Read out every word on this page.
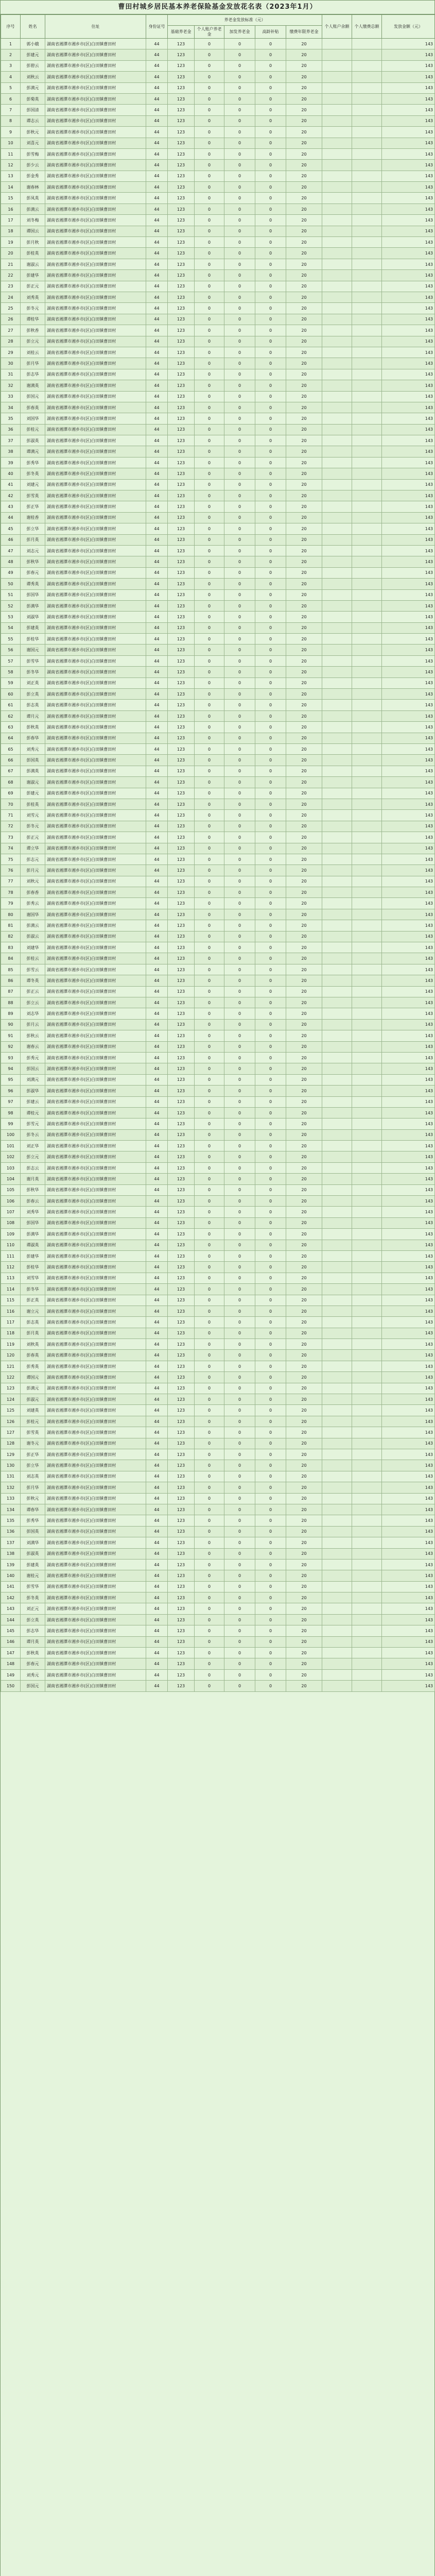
曹田村城乡居民基本养老保险基金发放花名表（2023年1月）
序号	姓名	住址	身份证号	养老金发放标准（元）					个人账户余额	个人缴费总额	发放金额（元）
				基础养老金	个人账户养老金	加发养老金	高龄补贴	缴费年限养老金			
1	郭小娥	湖南省湘潭市湘乡市(区)白田镇曹田村	44	123	0	0	0	20			143
2	彭建元	湖南省湘潭市湘乡市(区)白田镇曹田村	44	123	0	0	0	20			143
3	彭碧云	湖南省湘潭市湘乡市(区)白田镇曹田村	44	123	0	0	0	20			143
4	刘秋云	湖南省湘潭市湘乡市(区)白田镇曹田村	44	123	0	0	0	20			143
5	彭满元	湖南省湘潭市湘乡市(区)白田镇曹田村	44	123	0	0	0	20			143
6	彭菊英	湖南省湘潭市湘乡市(区)白田镇曹田村	44	123	0	0	0	20			143
7	彭国清	湖南省湘潭市湘乡市(区)白田镇曹田村	44	123	0	0	0	20			143
8	谭志云	湖南省湘潭市湘乡市(区)白田镇曹田村	44	123	0	0	0	20			143
9	彭秋元	湖南省湘潭市湘乡市(区)白田镇曹田村	44	123	0	0	0	20			143
10	刘喜元	湖南省湘潭市湘乡市(区)白田镇曹田村	44	123	0	0	0	20			143
11	彭雪梅	湖南省湘潭市湘乡市(区)白田镇曹田村	44	123	0	0	0	20			143
12	彭少云	湖南省湘潭市湘乡市(区)白田镇曹田村	44	123	0	0	0	20			143
13	彭金秀	湖南省湘潭市湘乡市(区)白田镇曹田村	44	123	0	0	0	20			143
14	谢春林	湖南省湘潭市湘乡市(区)白田镇曹田村	44	123	0	0	0	20			143
15	彭凤英	湖南省湘潭市湘乡市(区)白田镇曹田村	44	123	0	0	0	20			143
16	彭满云	湖南省湘潭市湘乡市(区)白田镇曹田村	44	123	0	0	0	20			143
17	刘冬梅	湖南省湘潭市湘乡市(区)白田镇曹田村	44	123	0	0	0	20			143
18	谭国云	湖南省湘潭市湘乡市(区)白田镇曹田村	44	123	0	0	0	20			143
19	彭月秋	湖南省湘潭市湘乡市(区)白田镇曹田村	44	123	0	0	0	20			143
20	彭桂英	湖南省湘潭市湘乡市(区)白田镇曹田村	44	123	0	0	0	20			143
21	谢淑云	湖南省湘潭市湘乡市(区)白田镇曹田村	44	123	0	0	0	20			143
22	彭建华	湖南省湘潭市湘乡市(区)白田镇曹田村	44	123	0	0	0	20			143
23	彭正元	湖南省湘潭市湘乡市(区)白田镇曹田村	44	123	0	0	0	20			143
24	刘秀英	湖南省湘潭市湘乡市(区)白田镇曹田村	44	123	0	0	0	20			143
25	彭冬元	湖南省湘潭市湘乡市(区)白田镇曹田村	44	123	0	0	0	20			143
26	谭桂华	湖南省湘潭市湘乡市(区)白田镇曹田村	44	123	0	0	0	20			143
27	彭秋香	湖南省湘潭市湘乡市(区)白田镇曹田村	44	123	0	0	0	20			143
28	彭立元	湖南省湘潭市湘乡市(区)白田镇曹田村	44	123	0	0	0	20			143
29	刘桂云	湖南省湘潭市湘乡市(区)白田镇曹田村	44	123	0	0	0	20			143
30	彭月华	湖南省湘潭市湘乡市(区)白田镇曹田村	44	123	0	0	0	20			143
31	彭志华	湖南省湘潭市湘乡市(区)白田镇曹田村	44	123	0	0	0	20			143
32	谢满英	湖南省湘潭市湘乡市(区)白田镇曹田村	44	123	0	0	0	20			143
33	彭国元	湖南省湘潭市湘乡市(区)白田镇曹田村	44	123	0	0	0	20			143
34	彭春英	湖南省湘潭市湘乡市(区)白田镇曹田村	44	123	0	0	0	20			143
35	刘国华	湖南省湘潭市湘乡市(区)白田镇曹田村	44	123	0	0	0	20			143
36	彭桂元	湖南省湘潭市湘乡市(区)白田镇曹田村	44	123	0	0	0	20			143
37	彭淑英	湖南省湘潭市湘乡市(区)白田镇曹田村	44	123	0	0	0	20			143
38	谭满元	湖南省湘潭市湘乡市(区)白田镇曹田村	44	123	0	0	0	20			143
39	彭秀华	湖南省湘潭市湘乡市(区)白田镇曹田村	44	123	0	0	0	20			143
40	彭冬英	湖南省湘潭市湘乡市(区)白田镇曹田村	44	123	0	0	0	20			143
41	刘建元	湖南省湘潭市湘乡市(区)白田镇曹田村	44	123	0	0	0	20			143
42	彭雪英	湖南省湘潭市湘乡市(区)白田镇曹田村	44	123	0	0	0	20			143
43	彭正华	湖南省湘潭市湘乡市(区)白田镇曹田村	44	123	0	0	0	20			143
44	谢桂香	湖南省湘潭市湘乡市(区)白田镇曹田村	44	123	0	0	0	20			143
45	彭立华	湖南省湘潭市湘乡市(区)白田镇曹田村	44	123	0	0	0	20			143
46	彭月英	湖南省湘潭市湘乡市(区)白田镇曹田村	44	123	0	0	0	20			143
47	刘志元	湖南省湘潭市湘乡市(区)白田镇曹田村	44	123	0	0	0	20			143
48	彭秋华	湖南省湘潭市湘乡市(区)白田镇曹田村	44	123	0	0	0	20			143
49	彭春元	湖南省湘潭市湘乡市(区)白田镇曹田村	44	123	0	0	0	20			143
50	谭秀英	湖南省湘潭市湘乡市(区)白田镇曹田村	44	123	0	0	0	20			143
51	彭国华	湖南省湘潭市湘乡市(区)白田镇曹田村	44	123	0	0	0	20			143
52	彭满华	湖南省湘潭市湘乡市(区)白田镇曹田村	44	123	0	0	0	20			143
53	刘淑华	湖南省湘潭市湘乡市(区)白田镇曹田村	44	123	0	0	0	20			143
54	彭建英	湖南省湘潭市湘乡市(区)白田镇曹田村	44	123	0	0	0	20			143
55	彭桂华	湖南省湘潭市湘乡市(区)白田镇曹田村	44	123	0	0	0	20			143
56	谢国元	湖南省湘潭市湘乡市(区)白田镇曹田村	44	123	0	0	0	20			143
57	彭雪华	湖南省湘潭市湘乡市(区)白田镇曹田村	44	123	0	0	0	20			143
58	彭冬华	湖南省湘潭市湘乡市(区)白田镇曹田村	44	123	0	0	0	20			143
59	刘正英	湖南省湘潭市湘乡市(区)白田镇曹田村	44	123	0	0	0	20			143
60	彭立英	湖南省湘潭市湘乡市(区)白田镇曹田村	44	123	0	0	0	20			143
61	彭志英	湖南省湘潭市湘乡市(区)白田镇曹田村	44	123	0	0	0	20			143
62	谭月元	湖南省湘潭市湘乡市(区)白田镇曹田村	44	123	0	0	0	20			143
63	彭秋英	湖南省湘潭市湘乡市(区)白田镇曹田村	44	123	0	0	0	20			143
64	彭春华	湖南省湘潭市湘乡市(区)白田镇曹田村	44	123	0	0	0	20			143
65	刘秀元	湖南省湘潭市湘乡市(区)白田镇曹田村	44	123	0	0	0	20			143
66	彭国英	湖南省湘潭市湘乡市(区)白田镇曹田村	44	123	0	0	0	20			143
67	彭满英	湖南省湘潭市湘乡市(区)白田镇曹田村	44	123	0	0	0	20			143
68	谢淑元	湖南省湘潭市湘乡市(区)白田镇曹田村	44	123	0	0	0	20			143
69	彭建元	湖南省湘潭市湘乡市(区)白田镇曹田村	44	123	0	0	0	20			143
70	彭桂英	湖南省湘潭市湘乡市(区)白田镇曹田村	44	123	0	0	0	20			143
71	刘雪元	湖南省湘潭市湘乡市(区)白田镇曹田村	44	123	0	0	0	20			143
72	彭冬元	湖南省湘潭市湘乡市(区)白田镇曹田村	44	123	0	0	0	20			143
73	彭正元	湖南省湘潭市湘乡市(区)白田镇曹田村	44	123	0	0	0	20			143
74	谭立华	湖南省湘潭市湘乡市(区)白田镇曹田村	44	123	0	0	0	20			143
75	彭志元	湖南省湘潭市湘乡市(区)白田镇曹田村	44	123	0	0	0	20			143
76	彭月元	湖南省湘潭市湘乡市(区)白田镇曹田村	44	123	0	0	0	20			143
77	刘秋元	湖南省湘潭市湘乡市(区)白田镇曹田村	44	123	0	0	0	20			143
78	彭春香	湖南省湘潭市湘乡市(区)白田镇曹田村	44	123	0	0	0	20			143
79	彭秀云	湖南省湘潭市湘乡市(区)白田镇曹田村	44	123	0	0	0	20			143
80	谢国华	湖南省湘潭市湘乡市(区)白田镇曹田村	44	123	0	0	0	20			143
81	彭满云	湖南省湘潭市湘乡市(区)白田镇曹田村	44	123	0	0	0	20			143
82	彭淑云	湖南省湘潭市湘乡市(区)白田镇曹田村	44	123	0	0	0	20			143
83	刘建华	湖南省湘潭市湘乡市(区)白田镇曹田村	44	123	0	0	0	20			143
84	彭桂云	湖南省湘潭市湘乡市(区)白田镇曹田村	44	123	0	0	0	20			143
85	彭雪云	湖南省湘潭市湘乡市(区)白田镇曹田村	44	123	0	0	0	20			143
86	谭冬英	湖南省湘潭市湘乡市(区)白田镇曹田村	44	123	0	0	0	20			143
87	彭正云	湖南省湘潭市湘乡市(区)白田镇曹田村	44	123	0	0	0	20			143
88	彭立云	湖南省湘潭市湘乡市(区)白田镇曹田村	44	123	0	0	0	20			143
89	刘志华	湖南省湘潭市湘乡市(区)白田镇曹田村	44	123	0	0	0	20			143
90	彭月云	湖南省湘潭市湘乡市(区)白田镇曹田村	44	123	0	0	0	20			143
91	彭秋云	湖南省湘潭市湘乡市(区)白田镇曹田村	44	123	0	0	0	20			143
92	谢春云	湖南省湘潭市湘乡市(区)白田镇曹田村	44	123	0	0	0	20			143
93	彭秀元	湖南省湘潭市湘乡市(区)白田镇曹田村	44	123	0	0	0	20			143
94	彭国云	湖南省湘潭市湘乡市(区)白田镇曹田村	44	123	0	0	0	20			143
95	刘满元	湖南省湘潭市湘乡市(区)白田镇曹田村	44	123	0	0	0	20			143
96	彭淑华	湖南省湘潭市湘乡市(区)白田镇曹田村	44	123	0	0	0	20			143
97	彭建云	湖南省湘潭市湘乡市(区)白田镇曹田村	44	123	0	0	0	20			143
98	谭桂元	湖南省湘潭市湘乡市(区)白田镇曹田村	44	123	0	0	0	20			143
99	彭雪元	湖南省湘潭市湘乡市(区)白田镇曹田村	44	123	0	0	0	20			143
100	彭冬云	湖南省湘潭市湘乡市(区)白田镇曹田村	44	123	0	0	0	20			143
101	刘正华	湖南省湘潭市湘乡市(区)白田镇曹田村	44	123	0	0	0	20			143
102	彭立元	湖南省湘潭市湘乡市(区)白田镇曹田村	44	123	0	0	0	20			143
103	彭志云	湖南省湘潭市湘乡市(区)白田镇曹田村	44	123	0	0	0	20			143
104	谢月英	湖南省湘潭市湘乡市(区)白田镇曹田村	44	123	0	0	0	20			143
105	彭秋华	湖南省湘潭市湘乡市(区)白田镇曹田村	44	123	0	0	0	20			143
106	彭春云	湖南省湘潭市湘乡市(区)白田镇曹田村	44	123	0	0	0	20			143
107	刘秀华	湖南省湘潭市湘乡市(区)白田镇曹田村	44	123	0	0	0	20			143
108	彭国华	湖南省湘潭市湘乡市(区)白田镇曹田村	44	123	0	0	0	20			143
109	彭满华	湖南省湘潭市湘乡市(区)白田镇曹田村	44	123	0	0	0	20			143
110	谭淑英	湖南省湘潭市湘乡市(区)白田镇曹田村	44	123	0	0	0	20			143
111	彭建华	湖南省湘潭市湘乡市(区)白田镇曹田村	44	123	0	0	0	20			143
112	彭桂华	湖南省湘潭市湘乡市(区)白田镇曹田村	44	123	0	0	0	20			143
113	刘雪华	湖南省湘潭市湘乡市(区)白田镇曹田村	44	123	0	0	0	20			143
114	彭冬华	湖南省湘潭市湘乡市(区)白田镇曹田村	44	123	0	0	0	20			143
115	彭正英	湖南省湘潭市湘乡市(区)白田镇曹田村	44	123	0	0	0	20			143
116	谢立元	湖南省湘潭市湘乡市(区)白田镇曹田村	44	123	0	0	0	20			143
117	彭志英	湖南省湘潭市湘乡市(区)白田镇曹田村	44	123	0	0	0	20			143
118	彭月英	湖南省湘潭市湘乡市(区)白田镇曹田村	44	123	0	0	0	20			143
119	刘秋英	湖南省湘潭市湘乡市(区)白田镇曹田村	44	123	0	0	0	20			143
120	彭春英	湖南省湘潭市湘乡市(区)白田镇曹田村	44	123	0	0	0	20			143
121	彭秀英	湖南省湘潭市湘乡市(区)白田镇曹田村	44	123	0	0	0	20			143
122	谭国元	湖南省湘潭市湘乡市(区)白田镇曹田村	44	123	0	0	0	20			143
123	彭满元	湖南省湘潭市湘乡市(区)白田镇曹田村	44	123	0	0	0	20			143
124	彭淑元	湖南省湘潭市湘乡市(区)白田镇曹田村	44	123	0	0	0	20			143
125	刘建英	湖南省湘潭市湘乡市(区)白田镇曹田村	44	123	0	0	0	20			143
126	彭桂元	湖南省湘潭市湘乡市(区)白田镇曹田村	44	123	0	0	0	20			143
127	彭雪英	湖南省湘潭市湘乡市(区)白田镇曹田村	44	123	0	0	0	20			143
128	谢冬元	湖南省湘潭市湘乡市(区)白田镇曹田村	44	123	0	0	0	20			143
129	彭正华	湖南省湘潭市湘乡市(区)白田镇曹田村	44	123	0	0	0	20			143
130	彭立华	湖南省湘潭市湘乡市(区)白田镇曹田村	44	123	0	0	0	20			143
131	刘志英	湖南省湘潭市湘乡市(区)白田镇曹田村	44	123	0	0	0	20			143
132	彭月华	湖南省湘潭市湘乡市(区)白田镇曹田村	44	123	0	0	0	20			143
133	彭秋元	湖南省湘潭市湘乡市(区)白田镇曹田村	44	123	0	0	0	20			143
134	谭春华	湖南省湘潭市湘乡市(区)白田镇曹田村	44	123	0	0	0	20			143
135	彭秀华	湖南省湘潭市湘乡市(区)白田镇曹田村	44	123	0	0	0	20			143
136	彭国英	湖南省湘潭市湘乡市(区)白田镇曹田村	44	123	0	0	0	20			143
137	刘满华	湖南省湘潭市湘乡市(区)白田镇曹田村	44	123	0	0	0	20			143
138	彭淑英	湖南省湘潭市湘乡市(区)白田镇曹田村	44	123	0	0	0	20			143
139	彭建英	湖南省湘潭市湘乡市(区)白田镇曹田村	44	123	0	0	0	20			143
140	谢桂元	湖南省湘潭市湘乡市(区)白田镇曹田村	44	123	0	0	0	20			143
141	彭雪华	湖南省湘潭市湘乡市(区)白田镇曹田村	44	123	0	0	0	20			143
142	彭冬英	湖南省湘潭市湘乡市(区)白田镇曹田村	44	123	0	0	0	20			143
143	刘正元	湖南省湘潭市湘乡市(区)白田镇曹田村	44	123	0	0	0	20			143
144	彭立英	湖南省湘潭市湘乡市(区)白田镇曹田村	44	123	0	0	0	20			143
145	彭志华	湖南省湘潭市湘乡市(区)白田镇曹田村	44	123	0	0	0	20			143
146	谭月英	湖南省湘潭市湘乡市(区)白田镇曹田村	44	123	0	0	0	20			143
147	彭秋英	湖南省湘潭市湘乡市(区)白田镇曹田村	44	123	0	0	0	20			143
148	彭春元	湖南省湘潭市湘乡市(区)白田镇曹田村	44	123	0	0	0	20			143
149	刘秀元	湖南省湘潭市湘乡市(区)白田镇曹田村	44	123	0	0	0	20			143
150	彭国元	湖南省湘潭市湘乡市(区)白田镇曹田村	44	123	0	0	0	20			143
